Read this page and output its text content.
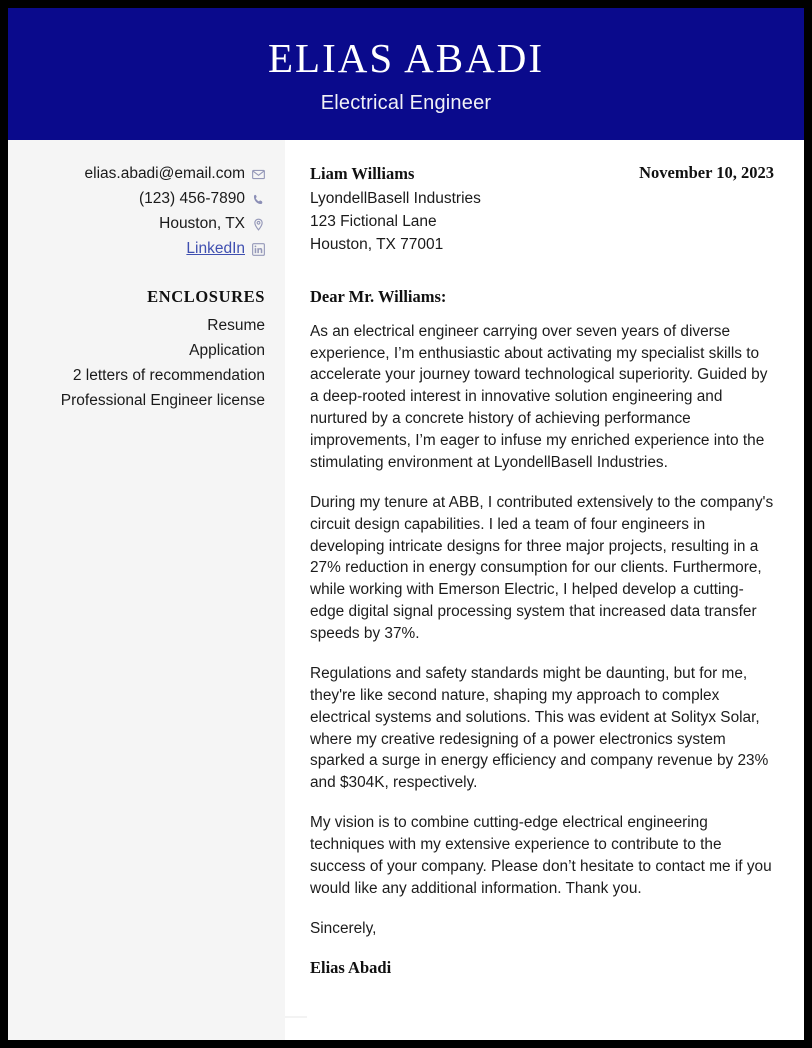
ELIAS ABADI
Electrical Engineer
elias.abadi@email.com
(123) 456-7890
Houston, TX
LinkedIn
ENCLOSURES
Resume
Application
2 letters of recommendation
Professional Engineer license
Liam Williams
LyondellBasell Industries
123 Fictional Lane
Houston, TX 77001
November 10, 2023
Dear Mr. Williams:

As an electrical engineer carrying over seven years of diverse experience, I’m enthusiastic about activating my specialist skills to accelerate your journey toward technological superiority. Guided by a deep-rooted interest in innovative solution engineering and nurtured by a concrete history of achieving performance improvements, I’m eager to infuse my enriched experience into the stimulating environment at LyondellBasell Industries.

During my tenure at ABB, I contributed extensively to the company's circuit design capabilities. I led a team of four engineers in developing intricate designs for three major projects, resulting in a 27% reduction in energy consumption for our clients. Furthermore, while working with Emerson Electric, I helped develop a cutting-edge digital signal processing system that increased data transfer speeds by 37%.

Regulations and safety standards might be daunting, but for me, they're like second nature, shaping my approach to complex electrical systems and solutions. This was evident at Solityx Solar, where my creative redesigning of a power electronics system sparked a surge in energy efficiency and company revenue by 23% and $304K, respectively.

My vision is to combine cutting-edge electrical engineering techniques with my extensive experience to contribute to the success of your company. Please don’t hesitate to contact me if you would like any additional information. Thank you.

Sincerely,
Elias Abadi
